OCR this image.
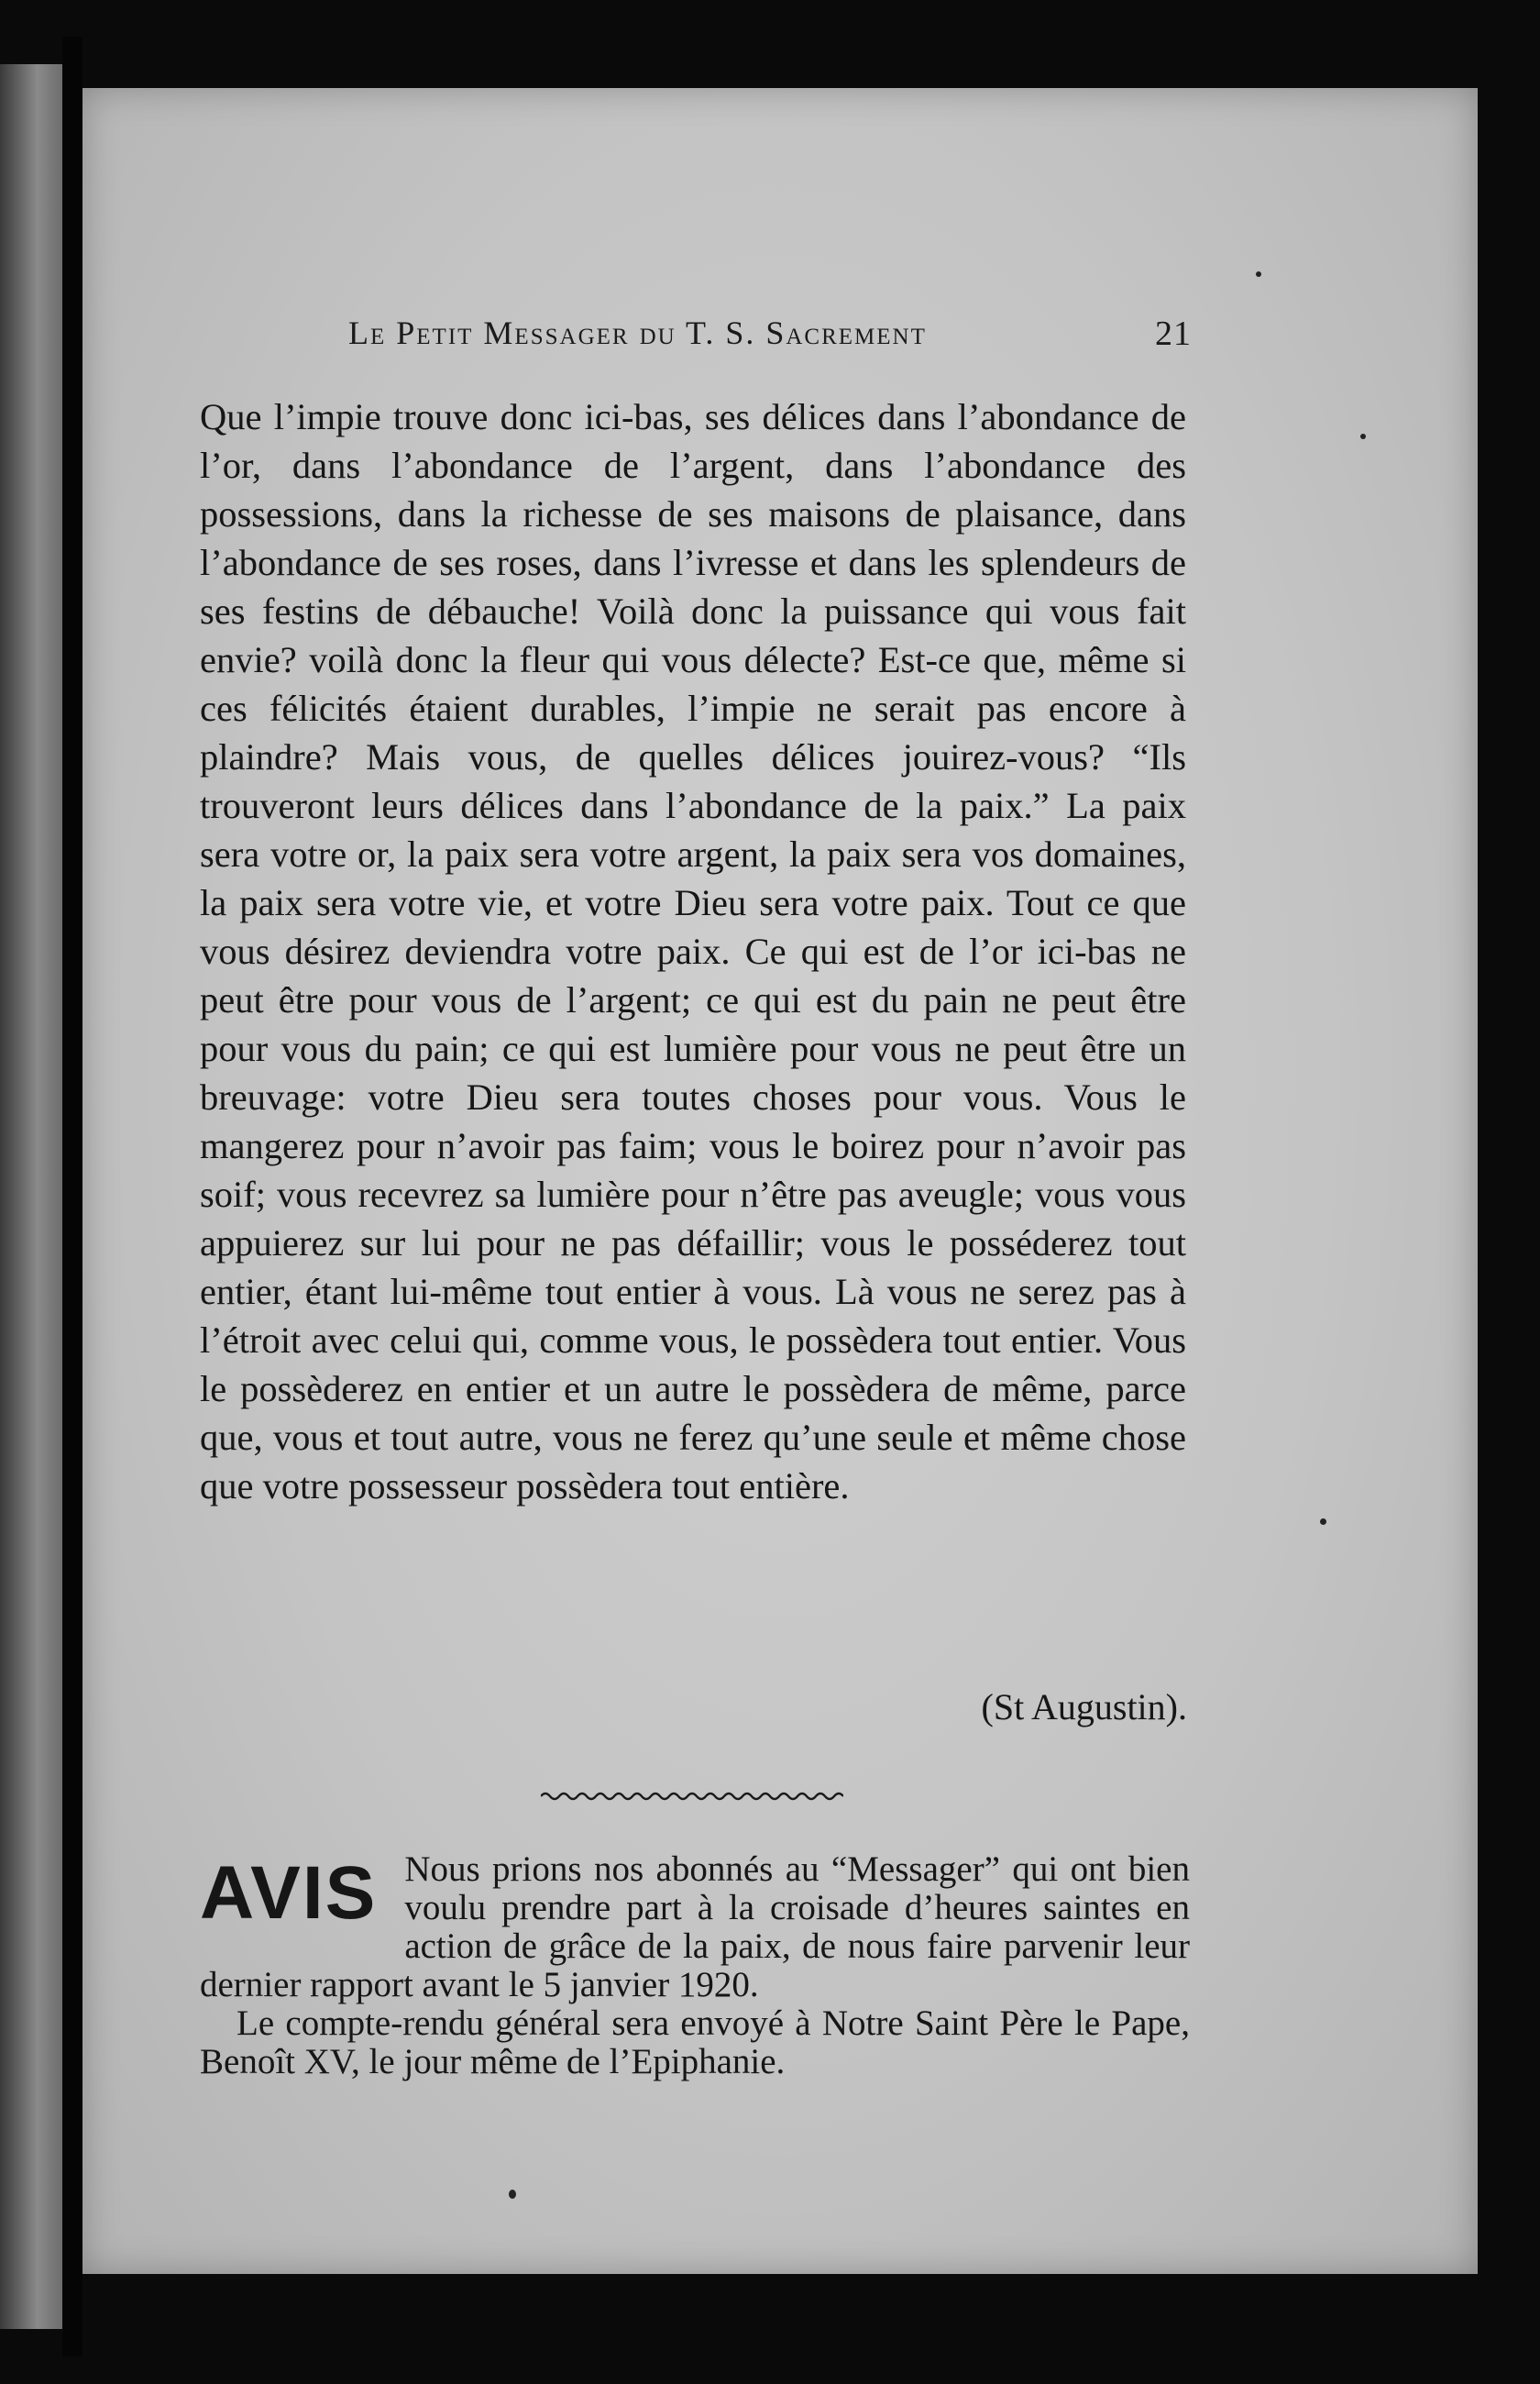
Le Petit Messager du T. S. Sacrement	21

Que l’impie trouve donc ici-bas, ses délices dans l’abondance de l’or, dans l’abondance de l’argent, dans l’abondance des possessions, dans la richesse de ses maisons de plaisance, dans l’abondance de ses roses, dans l’ivresse et dans les splendeurs de ses festins de débauche! Voilà donc la puissance qui vous fait envie? voilà donc la fleur qui vous délecte? Est-ce que, même si ces félicités étaient durables, l’impie ne serait pas encore à plaindre? Mais vous, de quelles délices jouirez-vous? “Ils trouveront leurs délices dans l’abondance de la paix.” La paix sera votre or, la paix sera votre argent, la paix sera vos domaines, la paix sera votre vie, et votre Dieu sera votre paix. Tout ce que vous désirez deviendra votre paix. Ce qui est de l’or ici-bas ne peut être pour vous de l’argent; ce qui est du pain ne peut être pour vous du pain; ce qui est lumière pour vous ne peut être un breuvage: votre Dieu sera toutes choses pour vous. Vous le mangerez pour n’avoir pas faim; vous le boirez pour n’avoir pas soif; vous recevrez sa lumière pour n’être pas aveugle; vous vous appuierez sur lui pour ne pas défaillir; vous le posséderez tout entier, étant lui-même tout entier à vous. Là vous ne serez pas à l’étroit avec celui qui, comme vous, le possèdera tout entier. Vous le possèderez en entier et un autre le possèdera de même, parce que, vous et tout autre, vous ne ferez qu’une seule et même chose que votre possesseur possèdera tout entière.

(St Augustin).
AVIS Nous prions nos abonnés au “Messager” qui ont bien voulu prendre part à la croisade d’heures saintes en action de grâce de la paix, de nous faire parvenir leur dernier rapport avant le 5 janvier 1920.

Le compte-rendu général sera envoyé à Notre Saint Père le Pape, Benoît XV, le jour même de l’Epiphanie.
